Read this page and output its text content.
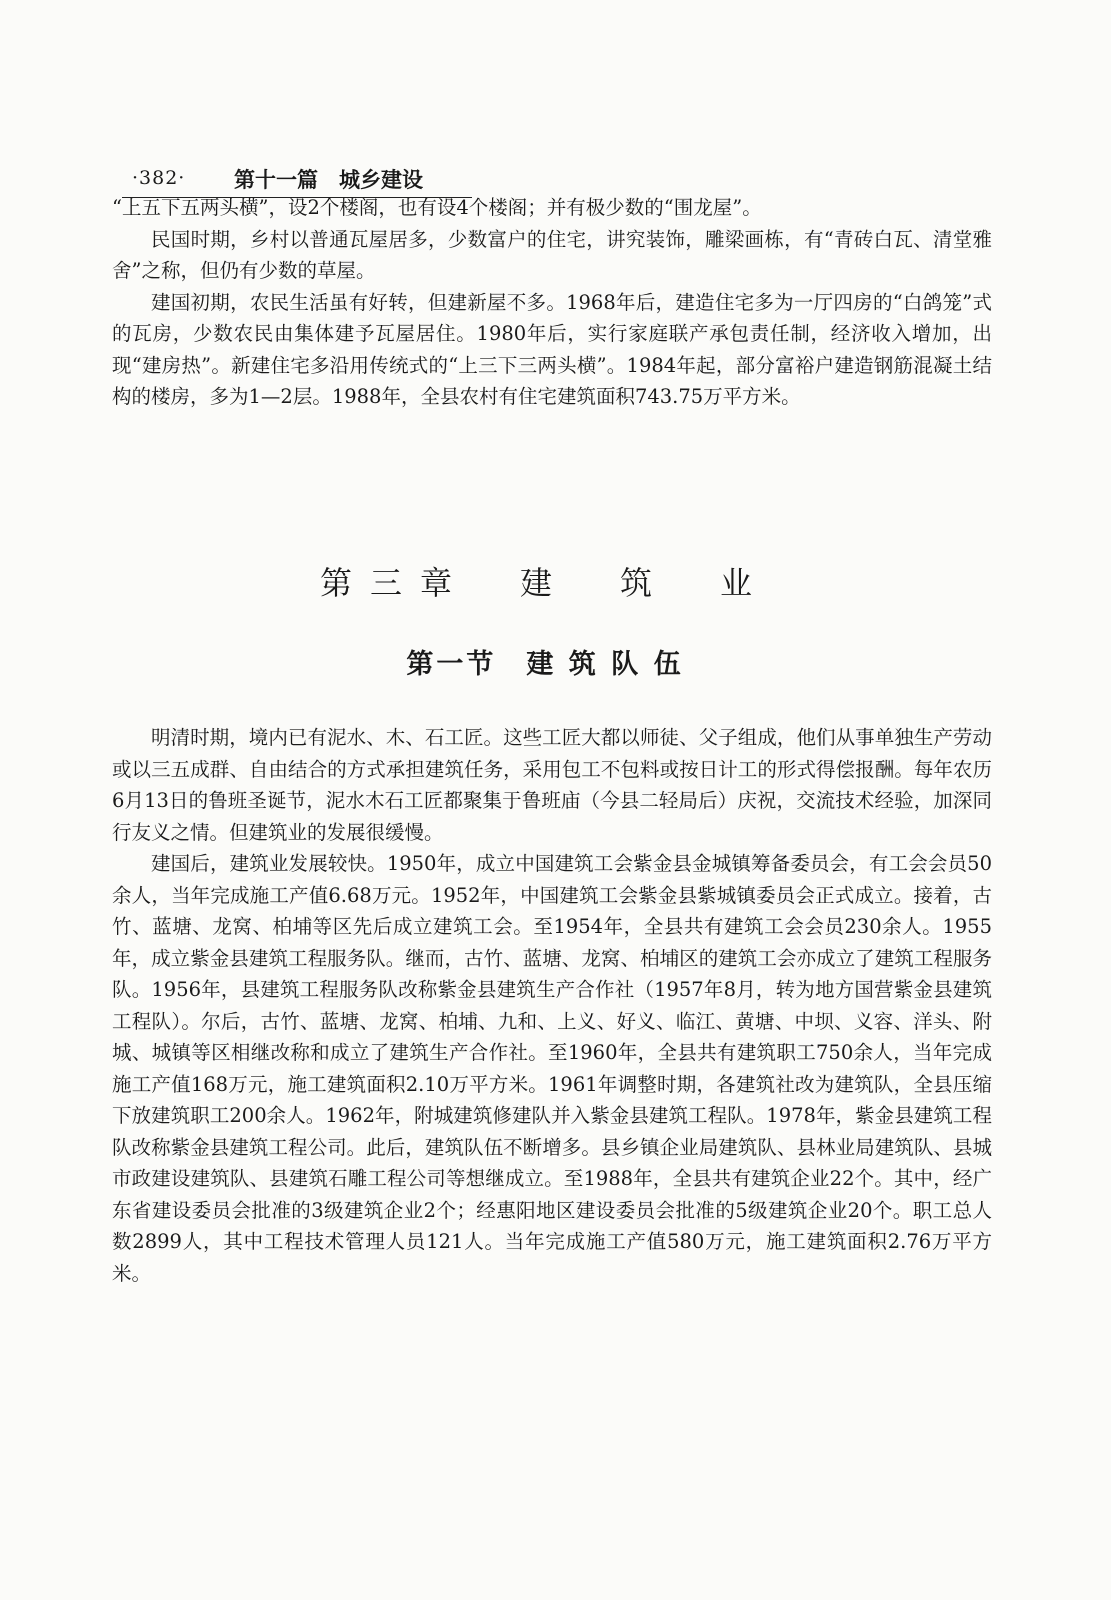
·382· 第十一篇　城乡建设

“上五下五两头横”，设2个楼阁，也有设4个楼阁；并有极少数的“围龙屋”。

民国时期，乡村以普通瓦屋居多，少数富户的住宅，讲究装饰，雕梁画栋，有“青砖白瓦、清堂雅舍”之称，但仍有少数的草屋。

建国初期，农民生活虽有好转，但建新屋不多。1968年后，建造住宅多为一厅四房的“白鸽笼”式的瓦房，少数农民由集体建予瓦屋居住。1980年后，实行家庭联产承包责任制，经济收入增加，出现“建房热”。新建住宅多沿用传统式的“上三下三两头横”。1984年起，部分富裕户建造钢筋混凝土结构的楼房，多为1—2层。1988年，全县农村有住宅建筑面积743.75万平方米。

第三章　建　筑　业
第一节　建 筑 队 伍

明清时期，境内已有泥水、木、石工匠。这些工匠大都以师徒、父子组成，他们从事单独生产劳动或以三五成群、自由结合的方式承担建筑任务，采用包工不包料或按日计工的形式得偿报酬。每年农历6月13日的鲁班圣诞节，泥水木石工匠都聚集于鲁班庙（今县二轻局后）庆祝，交流技术经验，加深同行友义之情。但建筑业的发展很缓慢。

建国后，建筑业发展较快。1950年，成立中国建筑工会紫金县金城镇筹备委员会，有工会会员50余人，当年完成施工产值6.68万元。1952年，中国建筑工会紫金县紫城镇委员会正式成立。接着，古竹、蓝塘、龙窝、柏埔等区先后成立建筑工会。至1954年，全县共有建筑工会会员230余人。1955年，成立紫金县建筑工程服务队。继而，古竹、蓝塘、龙窝、柏埔区的建筑工会亦成立了建筑工程服务队。1956年，县建筑工程服务队改称紫金县建筑生产合作社（1957年8月，转为地方国营紫金县建筑工程队）。尔后，古竹、蓝塘、龙窝、柏埔、九和、上义、好义、临江、黄塘、中坝、义容、洋头、附城、城镇等区相继改称和成立了建筑生产合作社。至1960年，全县共有建筑职工750余人，当年完成施工产值168万元，施工建筑面积2.10万平方米。1961年调整时期，各建筑社改为建筑队，全县压缩下放建筑职工200余人。1962年，附城建筑修建队并入紫金县建筑工程队。1978年，紫金县建筑工程队改称紫金县建筑工程公司。此后，建筑队伍不断增多。县乡镇企业局建筑队、县林业局建筑队、县城市政建设建筑队、县建筑石雕工程公司等想继成立。至1988年，全县共有建筑企业22个。其中，经广东省建设委员会批准的3级建筑企业2个；经惠阳地区建设委员会批准的5级建筑企业20个。职工总人数2899人，其中工程技术管理人员121人。当年完成施工产值580万元，施工建筑面积2.76万平方米。
